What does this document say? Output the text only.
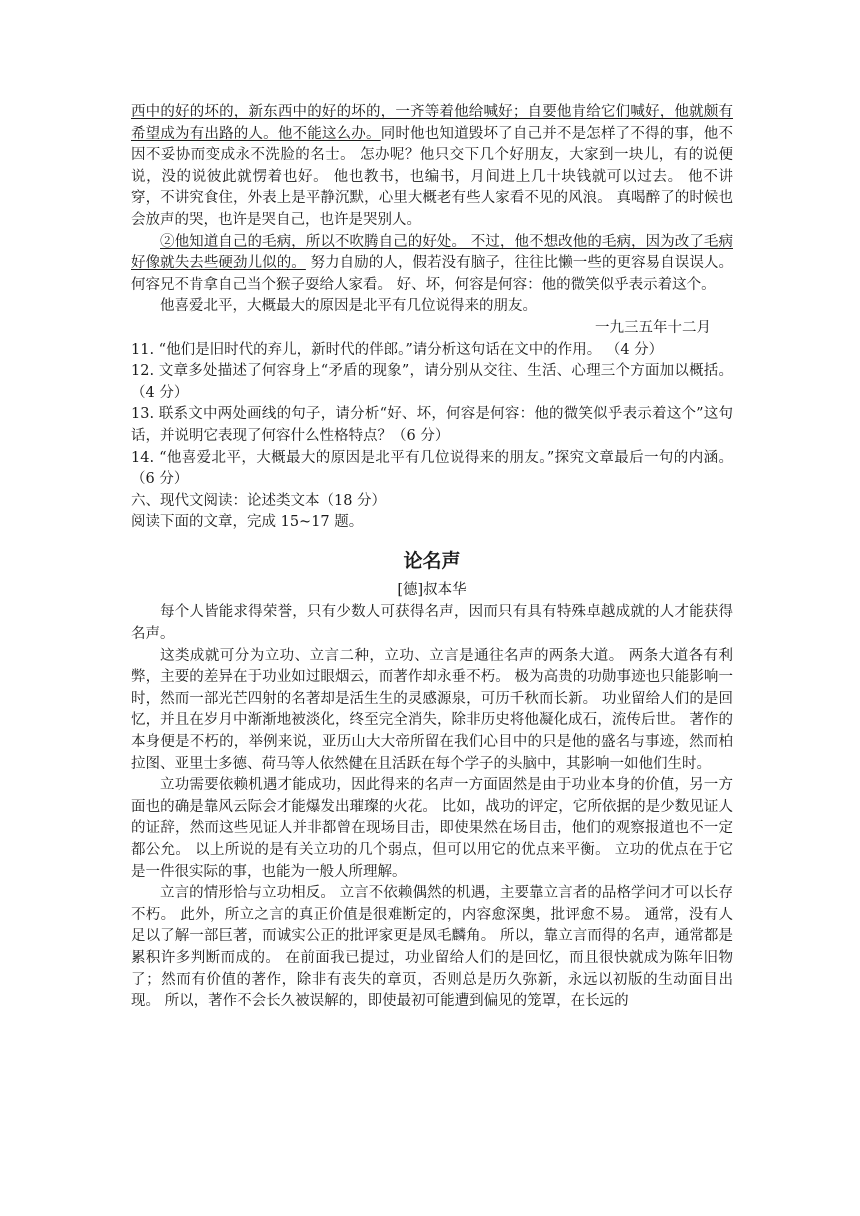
西中的好的坏的，新东西中的好的坏的，一齐等着他给喊好；自要他肯给它们喊好，他就颇有希望成为有出路的人。他不能这么办。同时他也知道毁坏了自己并不是怎样了不得的事，他不因不妥协而变成永不洗脸的名士。 怎办呢？他只交下几个好朋友，大家到一块儿，有的说便说，没的说彼此就愣着也好。 他也教书，也编书，月间进上几十块钱就可以过去。 他不讲穿，不讲究食住，外表上是平静沉默，心里大概老有些人家看不见的风浪。 真喝醉了的时候也会放声的哭，也许是哭自己，也许是哭别人。

②他知道自己的毛病，所以不吹腾自己的好处。 不过，他不想改他的毛病，因为改了毛病好像就失去些硬劲儿似的。 努力自励的人，假若没有脑子，往往比懒一些的更容易自误误人。何容兄不肯拿自己当个猴子耍给人家看。 好、坏，何容是何容：他的微笑似乎表示着这个。

他喜爱北平，大概最大的原因是北平有几位说得来的朋友。

一九三五年十二月

11. “他们是旧时代的弃儿，新时代的伴郎。”请分析这句话在文中的作用。 （4 分）

12. 文章多处描述了何容身上“矛盾的现象”，请分别从交往、生活、心理三个方面加以概括。（4 分）

13. 联系文中两处画线的句子，请分析“好、坏，何容是何容：他的微笑似乎表示着这个”这句话，并说明它表现了何容什么性格特点？（6 分）

14. “他喜爱北平，大概最大的原因是北平有几位说得来的朋友。”探究文章最后一句的内涵。（6 分）

六、现代文阅读：论述类文本（18 分）

阅读下面的文章，完成 15~17 题。

论名声
[德]叔本华

每个人皆能求得荣誉，只有少数人可获得名声，因而只有具有特殊卓越成就的人才能获得名声。

这类成就可分为立功、立言二种，立功、立言是通往名声的两条大道。 两条大道各有利弊，主要的差异在于功业如过眼烟云，而著作却永垂不朽。 极为高贵的功勋事迹也只能影响一时，然而一部光芒四射的名著却是活生生的灵感源泉，可历千秋而长新。 功业留给人们的是回忆，并且在岁月中渐渐地被淡化，终至完全消失，除非历史将他凝化成石，流传后世。 著作的本身便是不朽的，举例来说，亚历山大大帝所留在我们心目中的只是他的盛名与事迹，然而柏拉图、亚里士多德、荷马等人依然健在且活跃在每个学子的头脑中，其影响一如他们生时。

立功需要依赖机遇才能成功，因此得来的名声一方面固然是由于功业本身的价值，另一方面也的确是靠风云际会才能爆发出璀璨的火花。 比如，战功的评定，它所依据的是少数见证人的证辞，然而这些见证人并非都曾在现场目击，即使果然在场目击，他们的观察报道也不一定都公允。 以上所说的是有关立功的几个弱点，但可以用它的优点来平衡。 立功的优点在于它是一件很实际的事，也能为一般人所理解。

立言的情形恰与立功相反。 立言不依赖偶然的机遇，主要靠立言者的品格学问才可以长存不朽。 此外，所立之言的真正价值是很难断定的，内容愈深奥，批评愈不易。 通常，没有人足以了解一部巨著，而诚实公正的批评家更是凤毛麟角。 所以，靠立言而得的名声，通常都是累积许多判断而成的。 在前面我已提过，功业留给人们的是回忆，而且很快就成为陈年旧物了；然而有价值的著作，除非有丧失的章页，否则总是历久弥新，永远以初版的生动面目出现。 所以，著作不会长久被误解的，即使最初可能遭到偏见的笼罩，在长远的
